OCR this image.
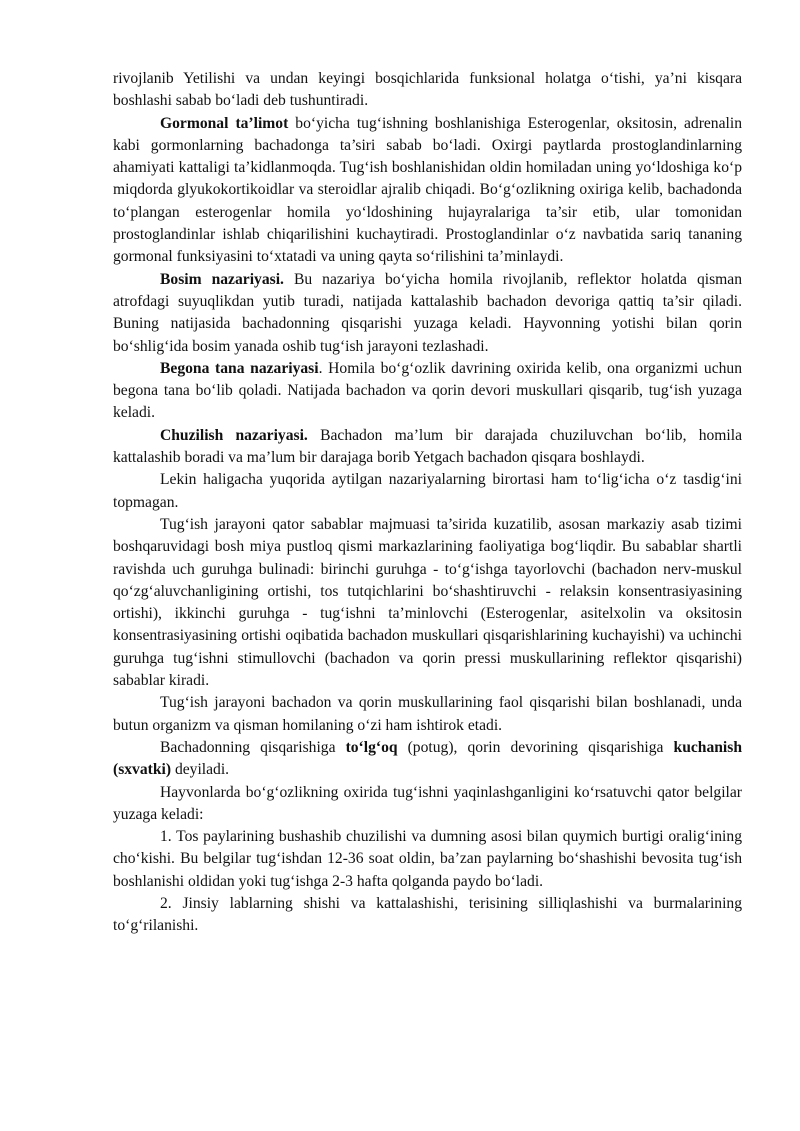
rivojlanib Yetilishi va undan keyingi bosqichlarida funksional holatga o‘tishi, ya’ni kisqara boshlashi sabab bo‘ladi deb tushuntiradi.

Gormonal ta’limot bo‘yicha tug‘ishning boshlanishiga Esterogenlar, oksitosin, adrenalin kabi gormonlarning bachadonga ta’siri sabab bo‘ladi. Oxirgi paytlarda prostoglandinlarning ahamiyati kattaligi ta’kidlanmoqda. Tug‘ish boshlanishidan oldin homiladan uning yo‘ldoshiga ko‘p miqdorda glyukokortikoidlar va steroidlar ajralib chiqadi. Bo‘g‘ozlikning oxiriga kelib, bachadonda to‘plangan esterogenlar homila yo‘ldoshining hujayralariga ta’sir etib, ular tomonidan prostoglandinlar ishlab chiqarilishini kuchaytiradi. Prostoglandinlar o‘z navbatida sariq tananing gormonal funksiyasini to‘xtatadi va uning qayta so‘rilishini ta’minlaydi.

Bosim nazariyasi. Bu nazariya bo‘yicha homila rivojlanib, reflektor holatda qisman atrofdagi suyuqlikdan yutib turadi, natijada kattalashib bachadon devoriga qattiq ta’sir qiladi. Buning natijasida bachadonning qisqarishi yuzaga keladi. Hayvonning yotishi bilan qorin bo‘shlig‘ida bosim yanada oshib tug‘ish jarayoni tezlashadi.

Begona tana nazariyasi. Homila bo‘g‘ozlik davrining oxirida kelib, ona organizmi uchun begona tana bo‘lib qoladi. Natijada bachadon va qorin devori muskullari qisqarib, tug‘ish yuzaga keladi.

Chuzilish nazariyasi. Bachadon ma’lum bir darajada chuziluvchan bo‘lib, homila kattalashib boradi va ma’lum bir darajaga borib Yetgach bachadon qisqara boshlaydi.

Lekin haligacha yuqorida aytilgan nazariyalarning birortasi ham to‘lig‘icha o‘z tasdig‘ini topmagan.

Tug‘ish jarayoni qator sabablar majmuasi ta’sirida kuzatilib, asosan markaziy asab tizimi boshqaruvidagi bosh miya pustloq qismi markazlarining faoliyatiga bog‘liqdir. Bu sabablar shartli ravishda uch guruhga bulinadi: birinchi guruhga - to‘g‘ishga tayorlovchi (bachadon nerv-muskul qo‘zg‘aluvchanligining ortishi, tos tutqichlarini bo‘shashtiruvchi - relaksin konsentrasiyasining ortishi), ikkinchi guruhga - tug‘ishni ta’minlovchi (Esterogenlar, asitelxolin va oksitosin konsentrasiyasining ortishi oqibatida bachadon muskullari qisqarishlarining kuchayishi) va uchinchi guruhga tug‘ishni stimullovchi (bachadon va qorin pressi muskullarining reflektor qisqarishi) sabablar kiradi.

Tug‘ish jarayoni bachadon va qorin muskullarining faol qisqarishi bilan boshlanadi, unda butun organizm va qisman homilaning o‘zi ham ishtirok etadi.

Bachadonning qisqarishiga to‘lg‘oq (potug), qorin devorining qisqarishiga kuchanish (sxvatki) deyiladi.

Hayvonlarda bo‘g‘ozlikning oxirida tug‘ishni yaqinlashganligini ko‘rsatuvchi qator belgilar yuzaga keladi:

1. Tos paylarining bushashib chuzilishi va dumning asosi bilan quymich burtigi oralig‘ining cho‘kishi. Bu belgilar tug‘ishdan 12-36 soat oldin, ba’zan paylarning bo‘shashishi bevosita tug‘ish boshlanishi oldidan yoki tug‘ishga 2-3 hafta qolganda paydo bo‘ladi.

2. Jinsiy lablarning shishi va kattalashishi, terisining silliqlashishi va burmalarining to‘g‘rilanishi.
